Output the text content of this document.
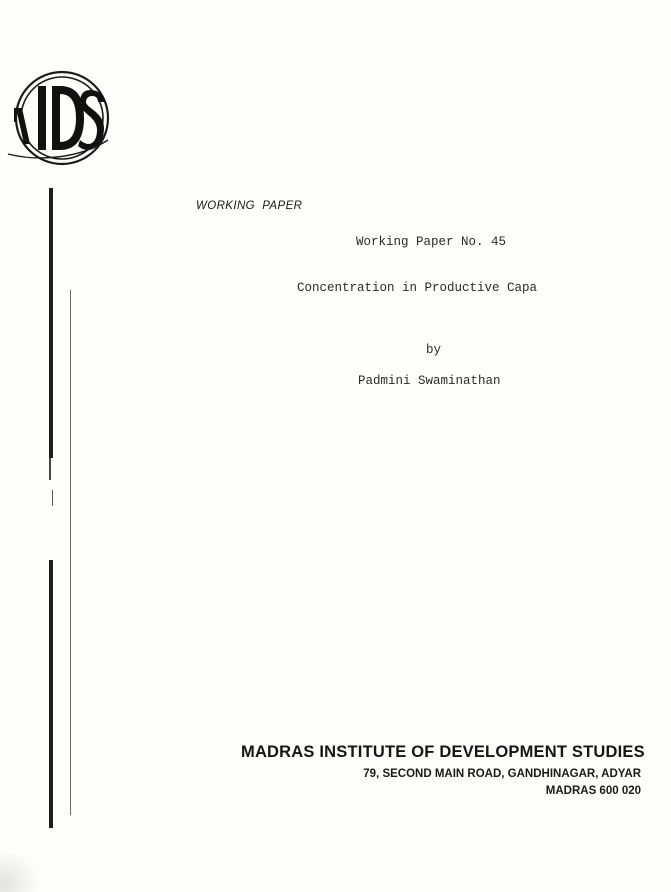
WORKING  PAPER
Working Paper No. 45
Concentration in Productive Capa
by
Padmini Swaminathan
MADRAS INSTITUTE OF DEVELOPMENT STUDIES
79, SECOND MAIN ROAD, GANDHINAGAR, ADYAR
MADRAS 600 020
